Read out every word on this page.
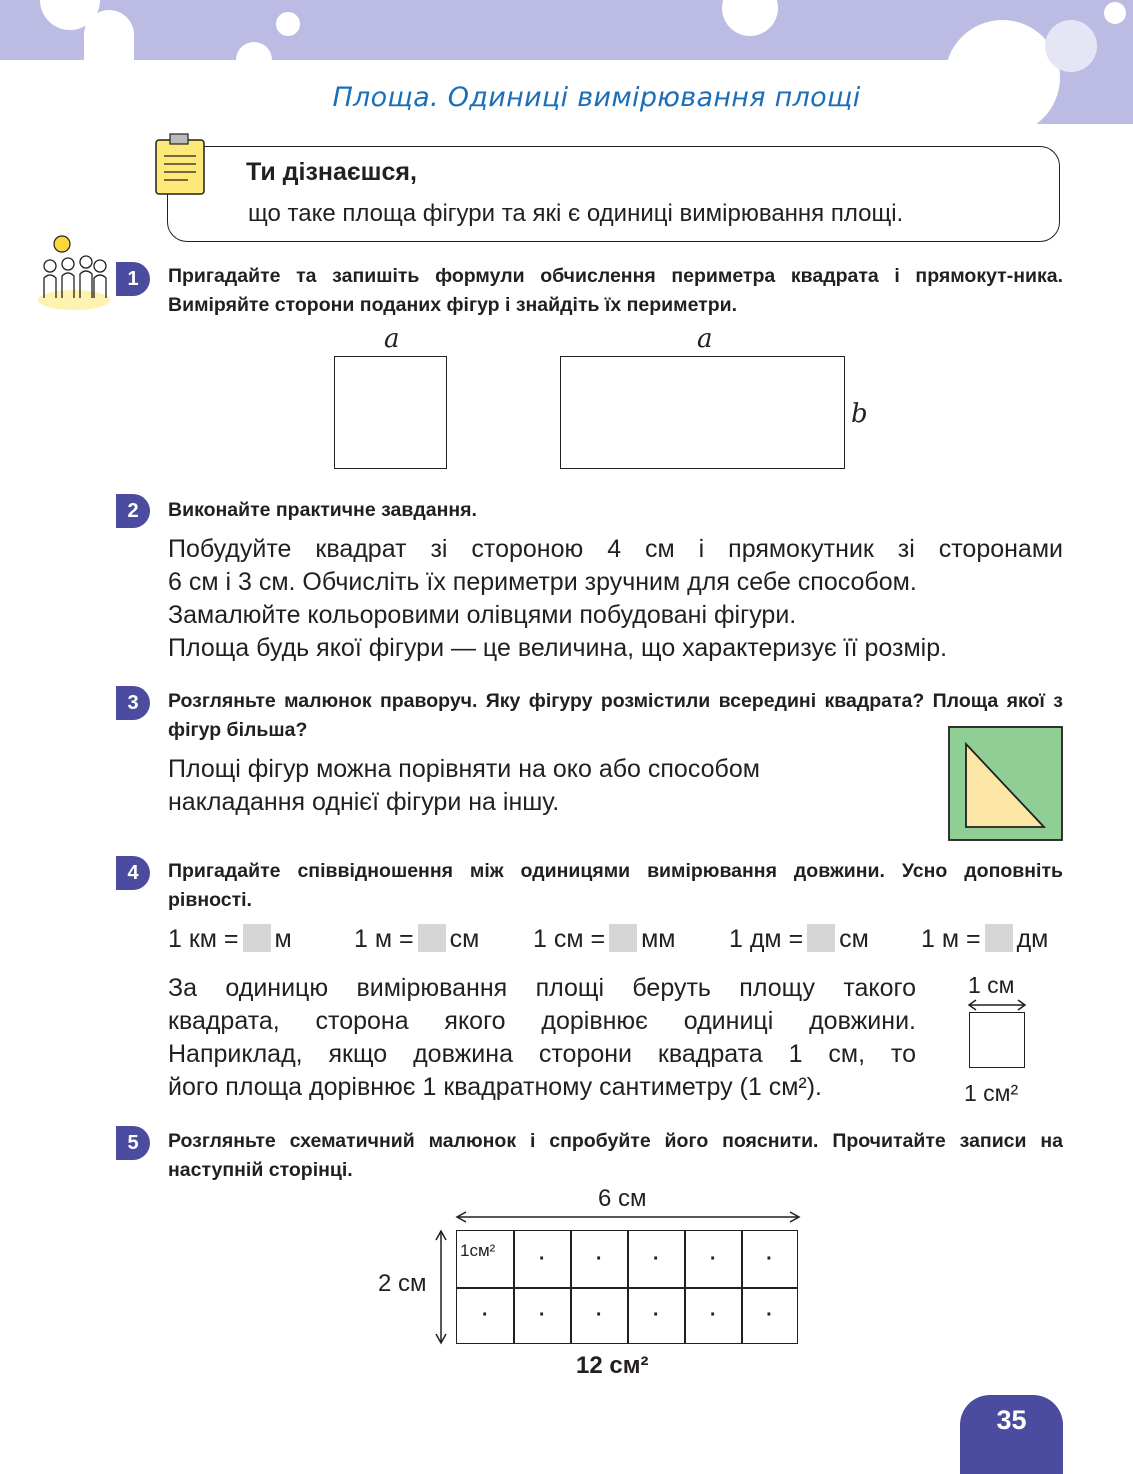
Площа. Одиниці вимірювання площі
Ти дізнаєшся,
що таке площа фігури та які є одиниці вимірювання площі.
1	Пригадайте та запишіть формули обчислення периметра квадрата і прямокут-ника. Виміряйте сторони поданих фігур і знайдіть їх периметри.
a	a
b
2	Виконайте практичне завдання.
Побудуйте квадрат зі стороною 4 см і прямокутник зі сторонами
6 см і 3 см. Обчисліть їх периметри зручним для себе способом.
Замалюйте кольоровими олівцями побудовані фігури.
Площа будь якої фігури — це величина, що характеризує її розмір.
3	Розгляньте малюнок праворуч. Яку фігуру розмістили всередині квадрата? Площа якої з фігур більша?
Площі фігур можна порівняти на око або способом
накладання однієї фігури на іншу.
4	Пригадайте співвідношення між одиницями вимірювання довжини. Усно доповніть рівності.
1 км = м 1 м = см 1 см = мм 1 дм = см 1 м = дм
За одиницю вимірювання площі беруть площу такого
квадрата, сторона якого дорівнює одиниці довжини.
Наприклад, якщо довжина сторони квадрата 1 см, то
його площа дорівнює 1 квадратному сантиметру (1 см²).
1 см
1 см²
5	Розгляньте схематичний малюнок і спробуйте його пояснити. Прочитайте записи на наступній сторінці.
6 см
2 см
1см²	·	·	·	·	·
·	·	·	·	·	·
12 см²
35
